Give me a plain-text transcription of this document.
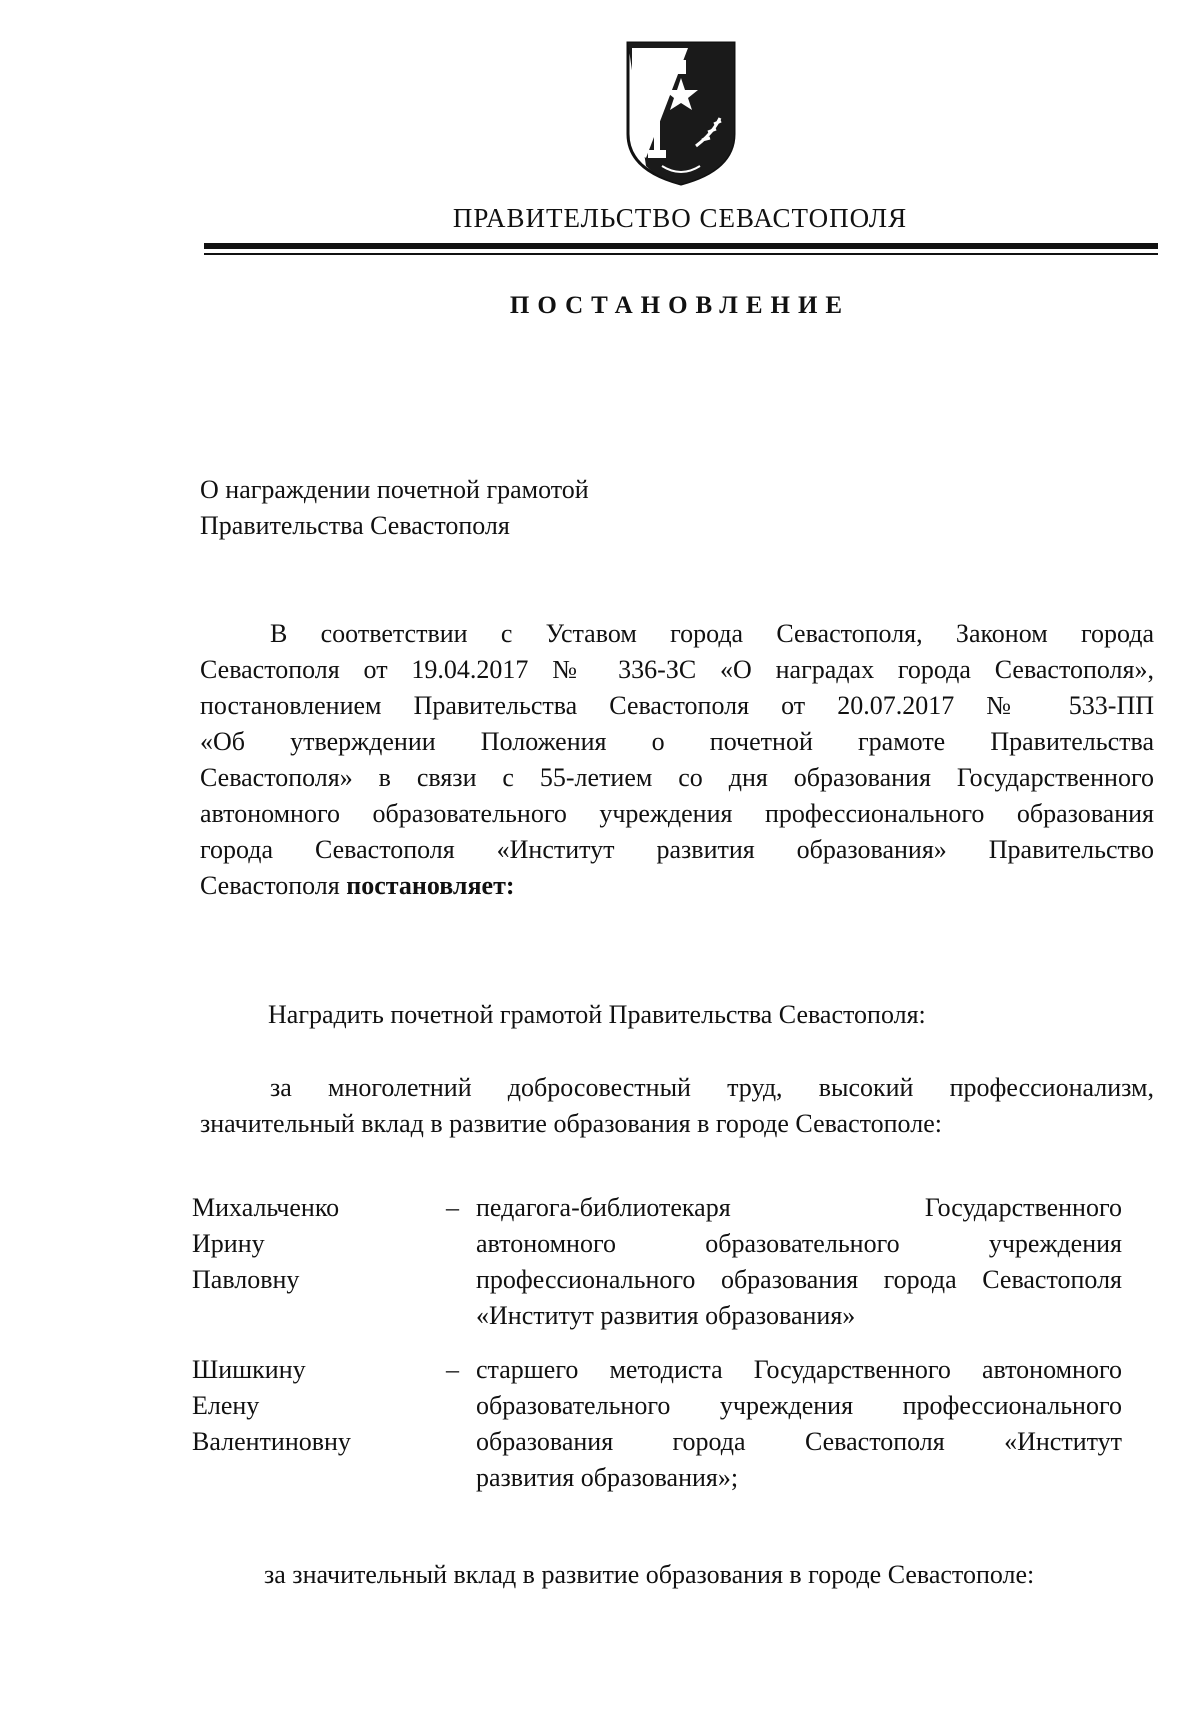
ПРАВИТЕЛЬСТВО СЕВАСТОПОЛЯ
ПОСТАНОВЛЕНИЕ
О награждении почетной грамотой
Правительства Севастополя
В соответствии с Уставом города Севастополя, Законом города
Севастополя от 19.04.2017 № 336-ЗС «О наградах города Севастополя»,
постановлением Правительства Севастополя от 20.07.2017 № 533-ПП
«Об утверждении Положения о почетной грамоте Правительства
Севастополя» в связи с 55-летием со дня образования Государственного
автономного образовательного учреждения профессионального образования
города Севастополя «Институт развития образования» Правительство
Севастополя постановляет:
Наградить почетной грамотой Правительства Севастополя:
за многолетний добросовестный труд, высокий профессионализм,
значительный вклад в развитие образования в городе Севастополе:
Михальченко
Ирину
Павловну
– педагога-библиотекаря Государственного
автономного образовательного учреждения
профессионального образования города Севастополя
«Институт развития образования»
Шишкину
Елену
Валентиновну
– старшего методиста Государственного автономного
образовательного учреждения профессионального
образования города Севастополя «Институт
развития образования»;
за значительный вклад в развитие образования в городе Севастополе:
